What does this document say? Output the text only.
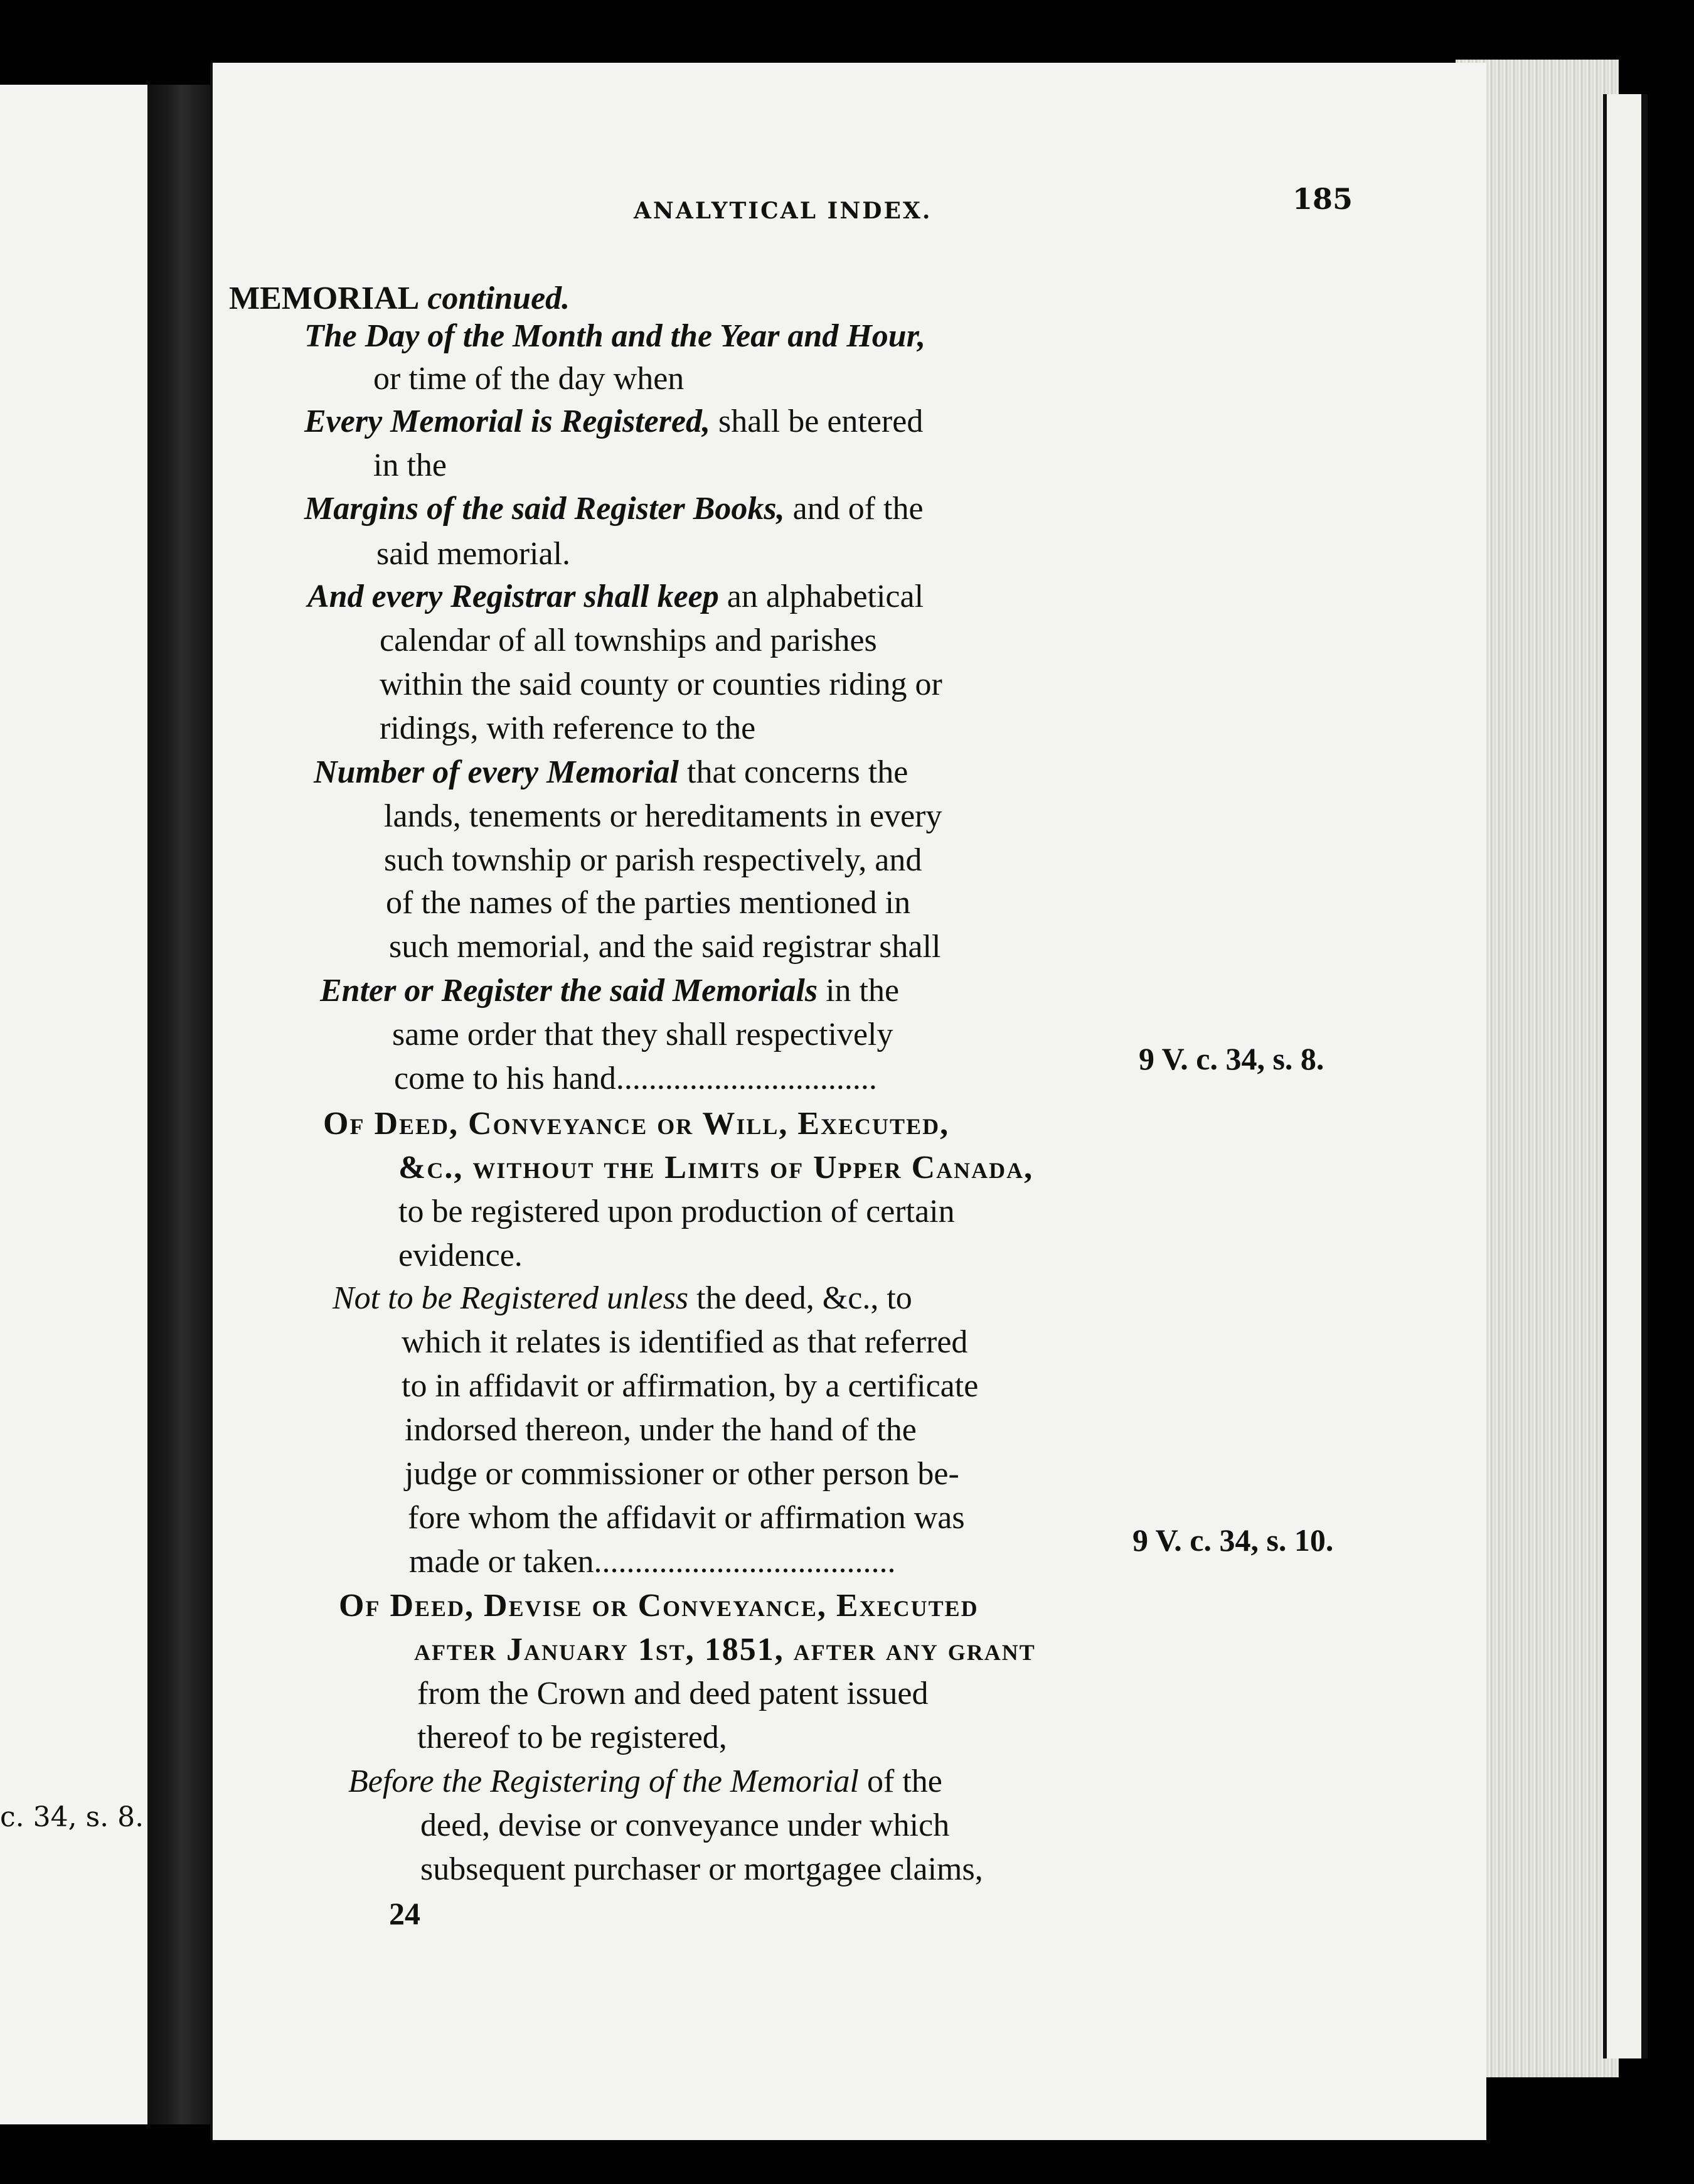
c. 34, s. 8.
ANALYTICAL INDEX.	185
MEMORIAL continued.
The Day of the Month and the Year and Hour,
or time of the day when
Every Memorial is Registered, shall be entered
in the
Margins of the said Register Books, and of the
said memorial.
And every Registrar shall keep an alphabetical
calendar of all townships and parishes
within the said county or counties riding or
ridings, with reference to the
Number of every Memorial that concerns the
lands, tenements or hereditaments in every
such township or parish respectively, and
of the names of the parties mentioned in
such memorial, and the said registrar shall
Enter or Register the said Memorials in the
same order that they shall respectively
come to his hand................................
9 V. c. 34, s. 8.
Of Deed, Conveyance or Will, Executed,
&c., without the Limits of Upper Canada,
to be registered upon production of certain
evidence.
Not to be Registered unless the deed, &c., to
which it relates is identified as that referred
to in affidavit or affirmation, by a certificate
indorsed thereon, under the hand of the
judge or commissioner or other person be-
fore whom the affidavit or affirmation was
made or taken.....................................
9 V. c. 34, s. 10.
Of Deed, Devise or Conveyance, Executed
after January 1st, 1851, after any grant
from the Crown and deed patent issued
thereof to be registered,
Before the Registering of the Memorial of the
deed, devise or conveyance under which
subsequent purchaser or mortgagee claims,
24
